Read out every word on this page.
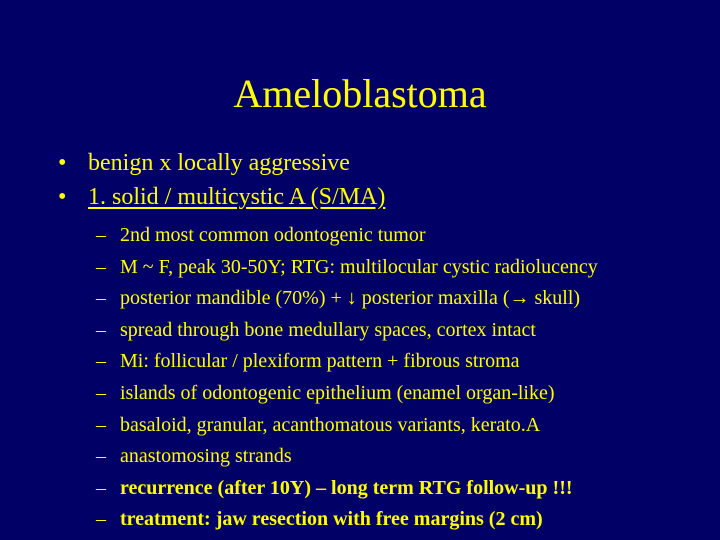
Ameloblastoma
• benign x locally aggressive
• 1. solid / multicystic A (S/MA)
– 2nd most common odontogenic tumor
– M ~ F, peak 30-50Y; RTG: multilocular cystic radiolucency
– posterior mandible (70%) + ↓ posterior maxilla (→ skull)
– spread through bone medullary spaces, cortex intact
– Mi: follicular / plexiform pattern + fibrous stroma
– islands of odontogenic epithelium (enamel organ-like)
– basaloid, granular, acanthomatous variants, kerato.A
– anastomosing strands
– recurrence (after 10Y) – long term RTG follow-up !!!
– treatment: jaw resection with free margins (2 cm)
